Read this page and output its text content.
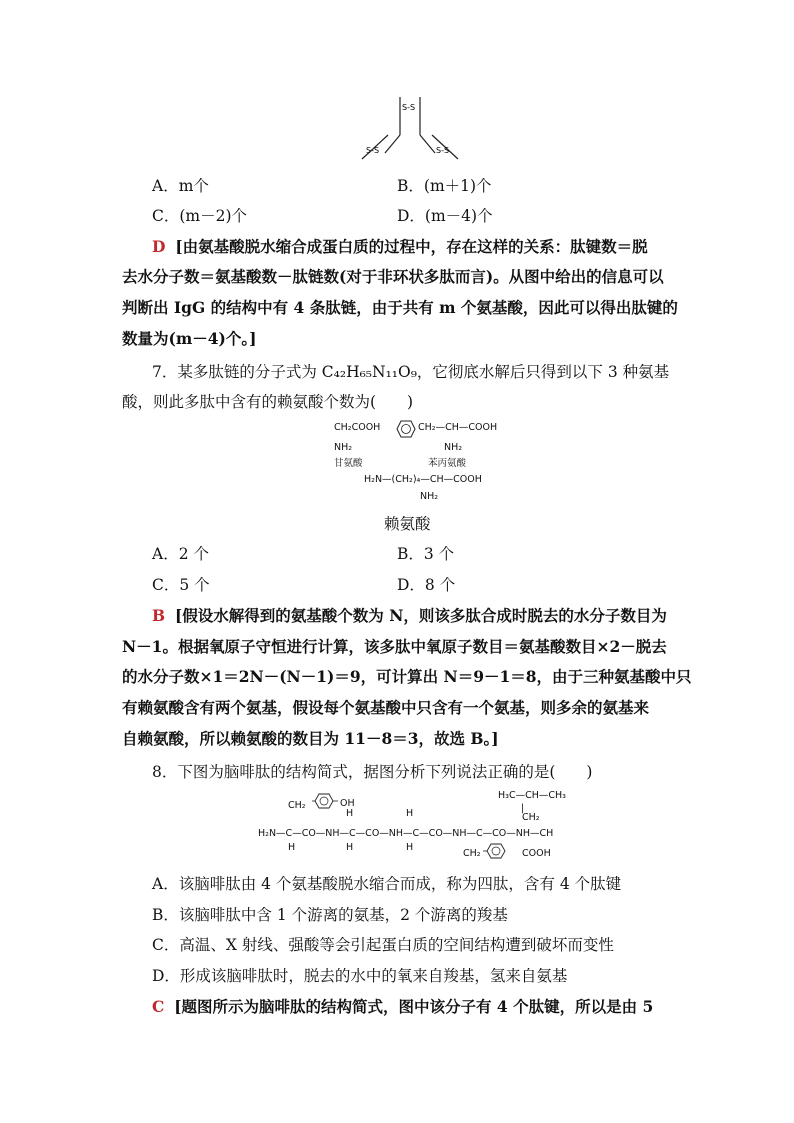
S-S
S-S	S-S
A．m个	B．(m＋1)个
C．(m－2)个	D．(m－4)个
D [由氨基酸脱水缩合成蛋白质的过程中，存在这样的关系：肽键数＝脱
去水分子数＝氨基酸数－肽链数(对于非环状多肽而言)。从图中给出的信息可以
判断出 IgG 的结构中有 4 条肽链，由于共有 m 个氨基酸，因此可以得出肽键的
数量为(m－4)个。]
7．某多肽链的分子式为 C₄₂H₆₅N₁₁O₉，它彻底水解后只得到以下 3 种氨基
酸，则此多肽中含有的赖氨酸个数为(　　)
CH₂COOH
NH₂
甘氨酸
CH₂—CH—COOH
NH₂
苯丙氨酸
H₂N—(CH₂)₄—CH—COOH
NH₂
赖氨酸
A．2 个	B．3 个
C．5 个	D．8 个
B [假设水解得到的氨基酸个数为 N，则该多肽合成时脱去的水分子数目为
N－1。根据氧原子守恒进行计算，该多肽中氧原子数目＝氨基酸数目×2－脱去
的水分子数×1＝2N－(N－1)＝9，可计算出 N＝9－1＝8，由于三种氨基酸中只
有赖氨酸含有两个氨基，假设每个氨基酸中只含有一个氨基，则多余的氨基来
自赖氨酸，所以赖氨酸的数目为 11－8＝3，故选 B。]
8．下图为脑啡肽的结构简式，据图分析下列说法正确的是(　　)
H₃C—CH—CH₃
|
CH₂	OH
H	H	CH₂
H₂N—C—CO—NH—C—CO—NH—C—CO—NH—C—CO—NH—CH
H	H	H
CH₂	COOH
A．该脑啡肽由 4 个氨基酸脱水缩合而成，称为四肽，含有 4 个肽键
B．该脑啡肽中含 1 个游离的氨基，2 个游离的羧基
C．高温、X 射线、强酸等会引起蛋白质的空间结构遭到破坏而变性
D．形成该脑啡肽时，脱去的水中的氧来自羧基，氢来自氨基
C [题图所示为脑啡肽的结构简式，图中该分子有 4 个肽键，所以是由 5
